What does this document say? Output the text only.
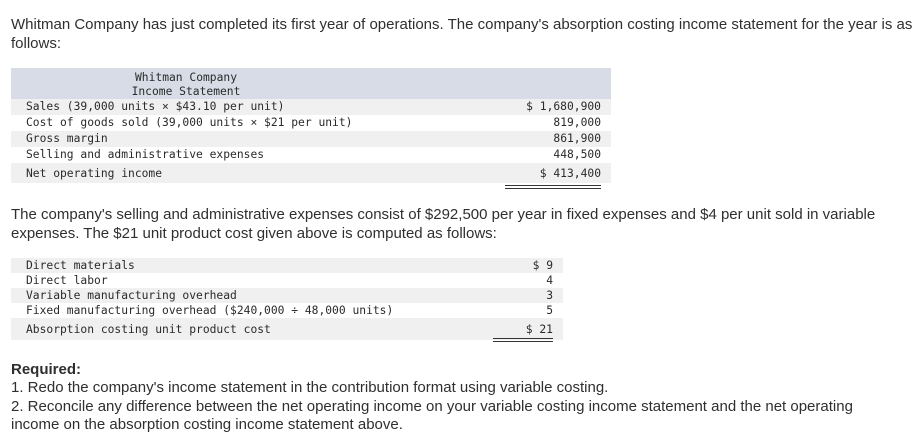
Whitman Company has just completed its first year of operations. The company's absorption costing income statement for the year is as
follows:
Whitman Company
Income Statement
Sales (39,000 units × $43.10 per unit)	$ 1,680,900
Cost of goods sold (39,000 units × $21 per unit)	819,000
Gross margin	861,900
Selling and administrative expenses	448,500
Net operating income	$ 413,400
The company's selling and administrative expenses consist of $292,500 per year in fixed expenses and $4 per unit sold in variable
expenses. The $21 unit product cost given above is computed as follows:
Direct materials	$ 9
Direct labor	4
Variable manufacturing overhead	3
Fixed manufacturing overhead ($240,000 ÷ 48,000 units)	5
Absorption costing unit product cost	$ 21
Required:
1. Redo the company's income statement in the contribution format using variable costing.
2. Reconcile any difference between the net operating income on your variable costing income statement and the net operating
income on the absorption costing income statement above.
